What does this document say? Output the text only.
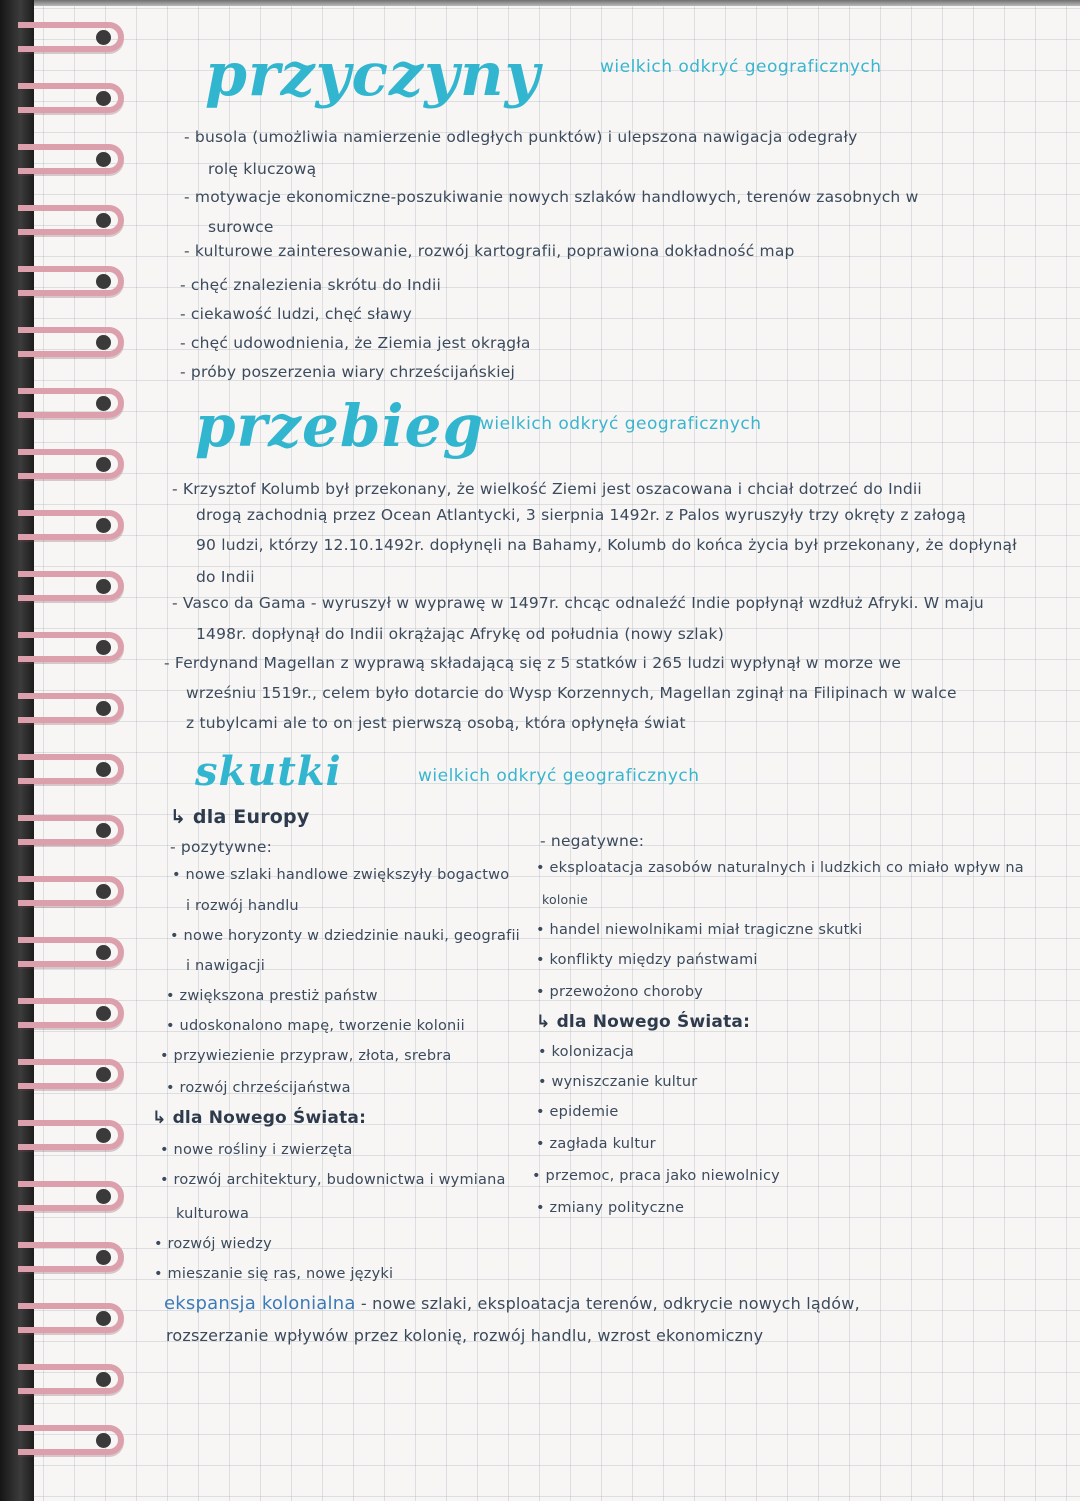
przyczyny	wielkich odkryć geograficznych
- busola (umożliwia namierzenie odległych punktów) i ulepszona nawigacja odegrały
rolę kluczową
- motywacje ekonomiczne-poszukiwanie nowych szlaków handlowych, terenów zasobnych w
surowce
- kulturowe zainteresowanie, rozwój kartografii, poprawiona dokładność map
- chęć znalezienia skrótu do Indii
- ciekawość ludzi, chęć sławy
- chęć udowodnienia, że Ziemia jest okrągła
- próby poszerzenia wiary chrześcijańskiej
przebieg
wielkich odkryć geograficznych
- Krzysztof Kolumb był przekonany, że wielkość Ziemi jest oszacowana i chciał dotrzeć do Indii
drogą zachodnią przez Ocean Atlantycki, 3 sierpnia 1492r. z Palos wyruszyły trzy okręty z załogą
90 ludzi, którzy 12.10.1492r. dopłynęli na Bahamy, Kolumb do końca życia był przekonany, że dopłynął
do Indii
- Vasco da Gama - wyruszył w wyprawę w 1497r. chcąc odnaleźć Indie popłynął wzdłuż Afryki. W maju
1498r. dopłynął do Indii okrążając Afrykę od południa (nowy szlak)
- Ferdynand Magellan z wyprawą składającą się z 5 statków i 265 ludzi wypłynął w morze we
wrześniu 1519r., celem było dotarcie do Wysp Korzennych, Magellan zginął na Filipinach w walce
z tubylcami ale to on jest pierwszą osobą, która opłynęła świat
skutki	wielkich odkryć geograficznych
↳ dla Europy
- pozytywne:	- negatywne:
• nowe szlaki handlowe zwiększyły bogactwo
i rozwój handlu
• nowe horyzonty w dziedzinie nauki, geografii
i nawigacji
• zwiększona prestiż państw
• udoskonalono mapę, tworzenie kolonii
• przywiezienie przypraw, złota, srebra
• rozwój chrześcijaństwa
• eksploatacja zasobów naturalnych i ludzkich co miało wpływ na
kolonie
• handel niewolnikami miał tragiczne skutki
• konflikty między państwami
• przewożono choroby
↳ dla Nowego Świata:
• kolonizacja
• wyniszczanie kultur
• epidemie
• zagłada kultur
• przemoc, praca jako niewolnicy
• zmiany polityczne
↳ dla Nowego Świata:
• nowe rośliny i zwierzęta
• rozwój architektury, budownictwa i wymiana
kulturowa
• rozwój wiedzy
• mieszanie się ras, nowe języki
ekspansja kolonialna - nowe szlaki, eksploatacja terenów, odkrycie nowych lądów,
rozszerzanie wpływów przez kolonię, rozwój handlu, wzrost ekonomiczny
